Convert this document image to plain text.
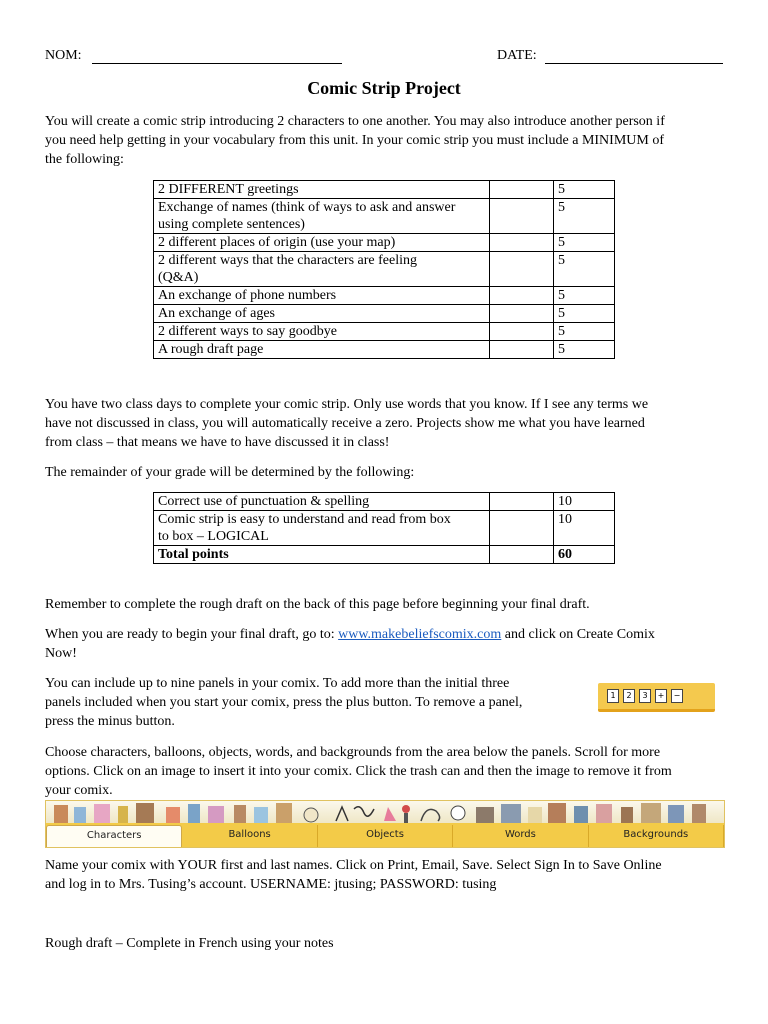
NOM:	DATE:
Comic Strip Project
You will create a comic strip introducing 2 characters to one another. You may also introduce another person if
you need help getting in your vocabulary from this unit. In your comic strip you must include a MINIMUM of
the following:
2 DIFFERENT greetings		5

Exchange of names (think of ways to ask and answer
using complete sentences)		5
2 different places of origin (use your map)		5

2 different ways that the characters are feeling
(Q&A)		5
An exchange of phone numbers		5
An exchange of ages		5
2 different ways to say goodbye		5
A rough draft page		5
You have two class days to complete your comic strip. Only use words that you know. If I see any terms we
have not discussed in class, you will automatically receive a zero. Projects show me what you have learned
from class – that means we have to have discussed it in class!
The remainder of your grade will be determined by the following:
Correct use of punctuation & spelling		10

Comic strip is easy to understand and read from box
to box – LOGICAL		10
Total points		60
Remember to complete the rough draft on the back of this page before beginning your final draft.
When you are ready to begin your final draft, go to: www.makebeliefscomix.com and click on Create Comix
Now!
You can include up to nine panels in your comix. To add more than the initial three
panels included when you start your comix, press the plus button. To remove a panel,
press the minus button.
1	2	3	+	−
Choose characters, balloons, objects, words, and backgrounds from the area below the panels. Scroll for more
options. Click on an image to insert it into your comix. Click the trash can and then the image to remove it from
your comix.
Characters	Balloons	Objects	Words	Backgrounds
Name your comix with YOUR first and last names. Click on Print, Email, Save. Select Sign In to Save Online
and log in to Mrs. Tusing’s account. USERNAME: jtusing; PASSWORD: tusing
Rough draft – Complete in French using your notes
